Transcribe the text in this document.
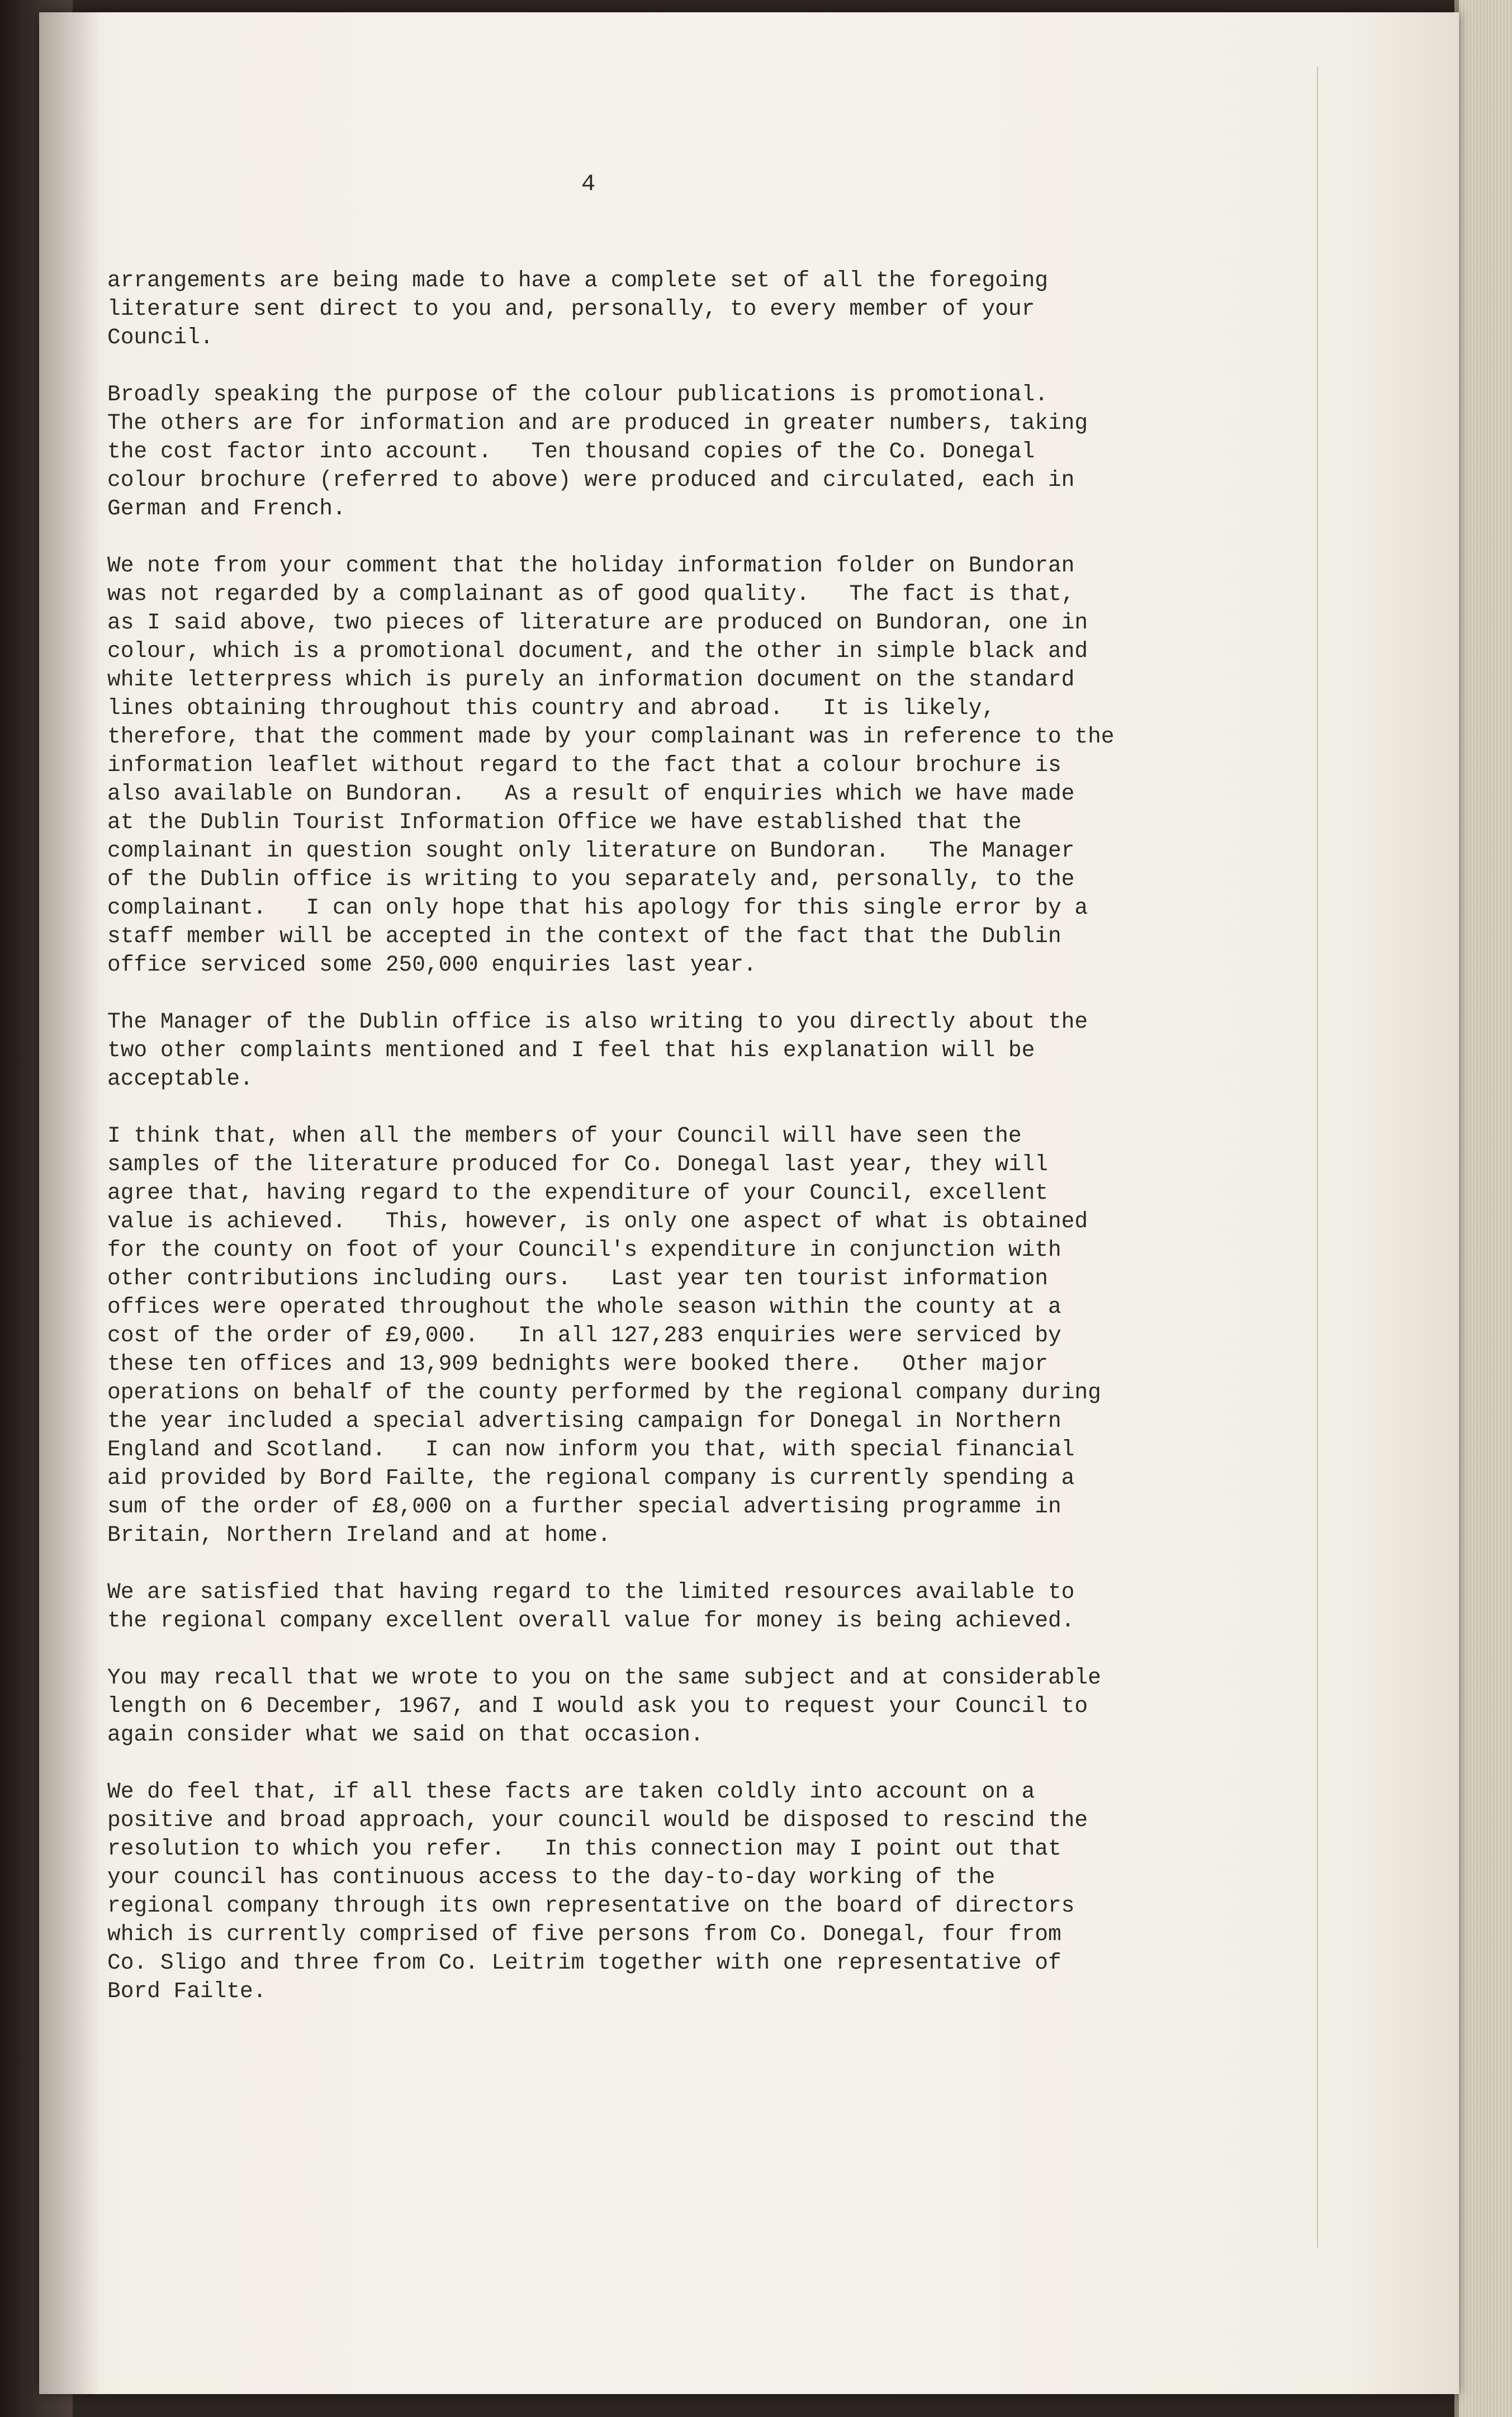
4
arrangements are being made to have a complete set of all the foregoing
literature sent direct to you and, personally, to every member of your
Council.
Broadly speaking the purpose of the colour publications is promotional.
The others are for information and are produced in greater numbers, taking
the cost factor into account.   Ten thousand copies of the Co. Donegal
colour brochure (referred to above) were produced and circulated, each in
German and French.
We note from your comment that the holiday information folder on Bundoran
was not regarded by a complainant as of good quality.   The fact is that,
as I said above, two pieces of literature are produced on Bundoran, one in
colour, which is a promotional document, and the other in simple black and
white letterpress which is purely an information document on the standard
lines obtaining throughout this country and abroad.   It is likely,
therefore, that the comment made by your complainant was in reference to the
information leaflet without regard to the fact that a colour brochure is
also available on Bundoran.   As a result of enquiries which we have made
at the Dublin Tourist Information Office we have established that the
complainant in question sought only literature on Bundoran.   The Manager
of the Dublin office is writing to you separately and, personally, to the
complainant.   I can only hope that his apology for this single error by a
staff member will be accepted in the context of the fact that the Dublin
office serviced some 250,000 enquiries last year.
The Manager of the Dublin office is also writing to you directly about the
two other complaints mentioned and I feel that his explanation will be
acceptable.
I think that, when all the members of your Council will have seen the
samples of the literature produced for Co. Donegal last year, they will
agree that, having regard to the expenditure of your Council, excellent
value is achieved.   This, however, is only one aspect of what is obtained
for the county on foot of your Council's expenditure in conjunction with
other contributions including ours.   Last year ten tourist information
offices were operated throughout the whole season within the county at a
cost of the order of £9,000.   In all 127,283 enquiries were serviced by
these ten offices and 13,909 bednights were booked there.   Other major
operations on behalf of the county performed by the regional company during
the year included a special advertising campaign for Donegal in Northern
England and Scotland.   I can now inform you that, with special financial
aid provided by Bord Failte, the regional company is currently spending a
sum of the order of £8,000 on a further special advertising programme in
Britain, Northern Ireland and at home.
We are satisfied that having regard to the limited resources available to
the regional company excellent overall value for money is being achieved.
You may recall that we wrote to you on the same subject and at considerable
length on 6 December, 1967, and I would ask you to request your Council to
again consider what we said on that occasion.
We do feel that, if all these facts are taken coldly into account on a
positive and broad approach, your council would be disposed to rescind the
resolution to which you refer.   In this connection may I point out that
your council has continuous access to the day-to-day working of the
regional company through its own representative on the board of directors
which is currently comprised of five persons from Co. Donegal, four from
Co. Sligo and three from Co. Leitrim together with one representative of
Bord Failte.
